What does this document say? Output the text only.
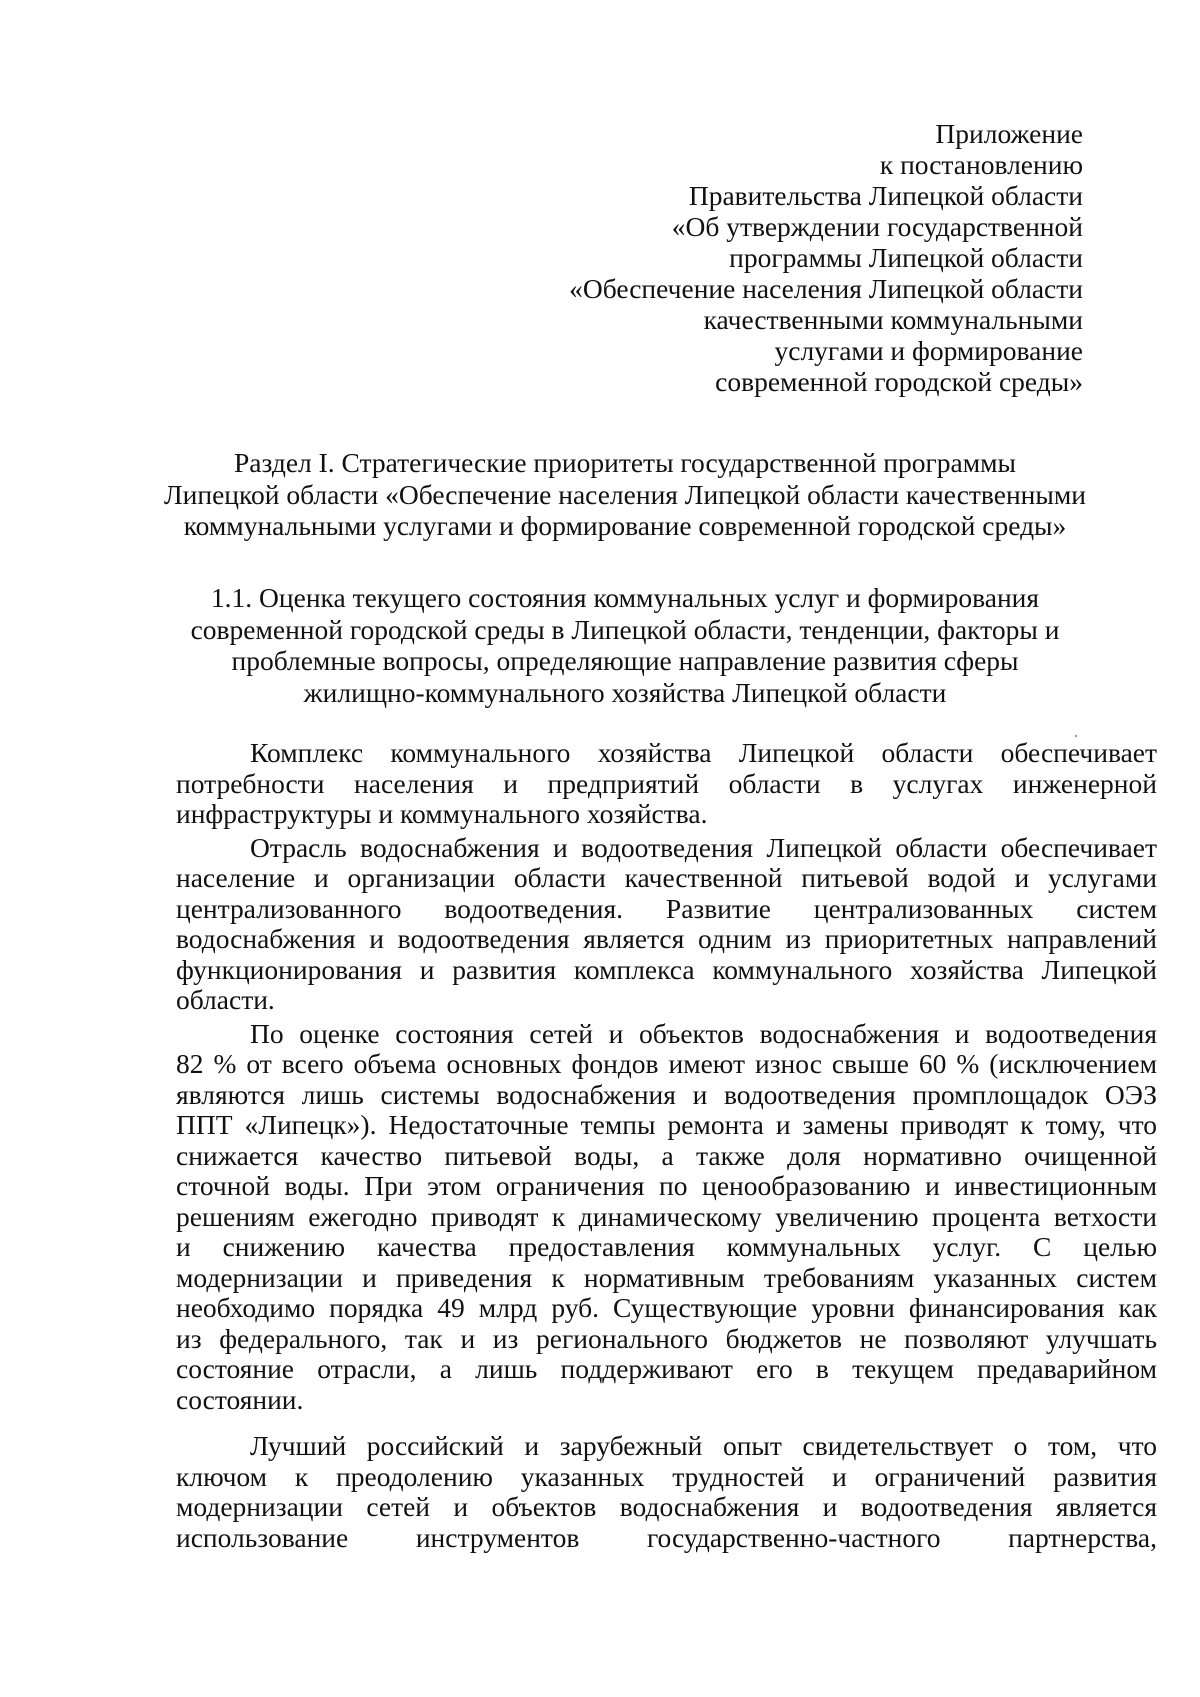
Приложение
к постановлению
Правительства Липецкой области
«Об утверждении государственной
программы Липецкой области
«Обеспечение населения Липецкой области
качественными коммунальными
услугами и формирование
современной городской среды»
Раздел I. Стратегические приоритеты государственной программы
Липецкой области «Обеспечение населения Липецкой области качественными
коммунальными услугами и формирование современной городской среды»
1.1. Оценка текущего состояния коммунальных услуг и формирования
современной городской среды в Липецкой области, тенденции, факторы и
проблемные вопросы, определяющие направление развития сферы
жилищно-коммунального хозяйства Липецкой области
Комплекс коммунального хозяйства Липецкой области обеспечивает
потребности населения и предприятий области в услугах инженерной
инфраструктуры и коммунального хозяйства.
Отрасль водоснабжения и водоотведения Липецкой области обеспечивает
население и организации области качественной питьевой водой и услугами
централизованного водоотведения. Развитие централизованных систем
водоснабжения и водоотведения является одним из приоритетных направлений
функционирования и развития комплекса коммунального хозяйства Липецкой
области.
По оценке состояния сетей и объектов водоснабжения и водоотведения
82 % от всего объема основных фондов имеют износ свыше 60 % (исключением
являются лишь системы водоснабжения и водоотведения промплощадок ОЭЗ
ППТ «Липецк»). Недостаточные темпы ремонта и замены приводят к тому, что
снижается качество питьевой воды, а также доля нормативно очищенной
сточной воды. При этом ограничения по ценообразованию и инвестиционным
решениям ежегодно приводят к динамическому увеличению процента ветхости
и снижению качества предоставления коммунальных услуг. С целью
модернизации и приведения к нормативным требованиям указанных систем
необходимо порядка 49 млрд руб. Существующие уровни финансирования как
из федерального, так и из регионального бюджетов не позволяют улучшать
состояние отрасли, а лишь поддерживают его в текущем предаварийном
состоянии.
Лучший российский и зарубежный опыт свидетельствует о том, что
ключом к преодолению указанных трудностей и ограничений развития
модернизации сетей и объектов водоснабжения и водоотведения является
использование инструментов государственно-частного партнерства,
